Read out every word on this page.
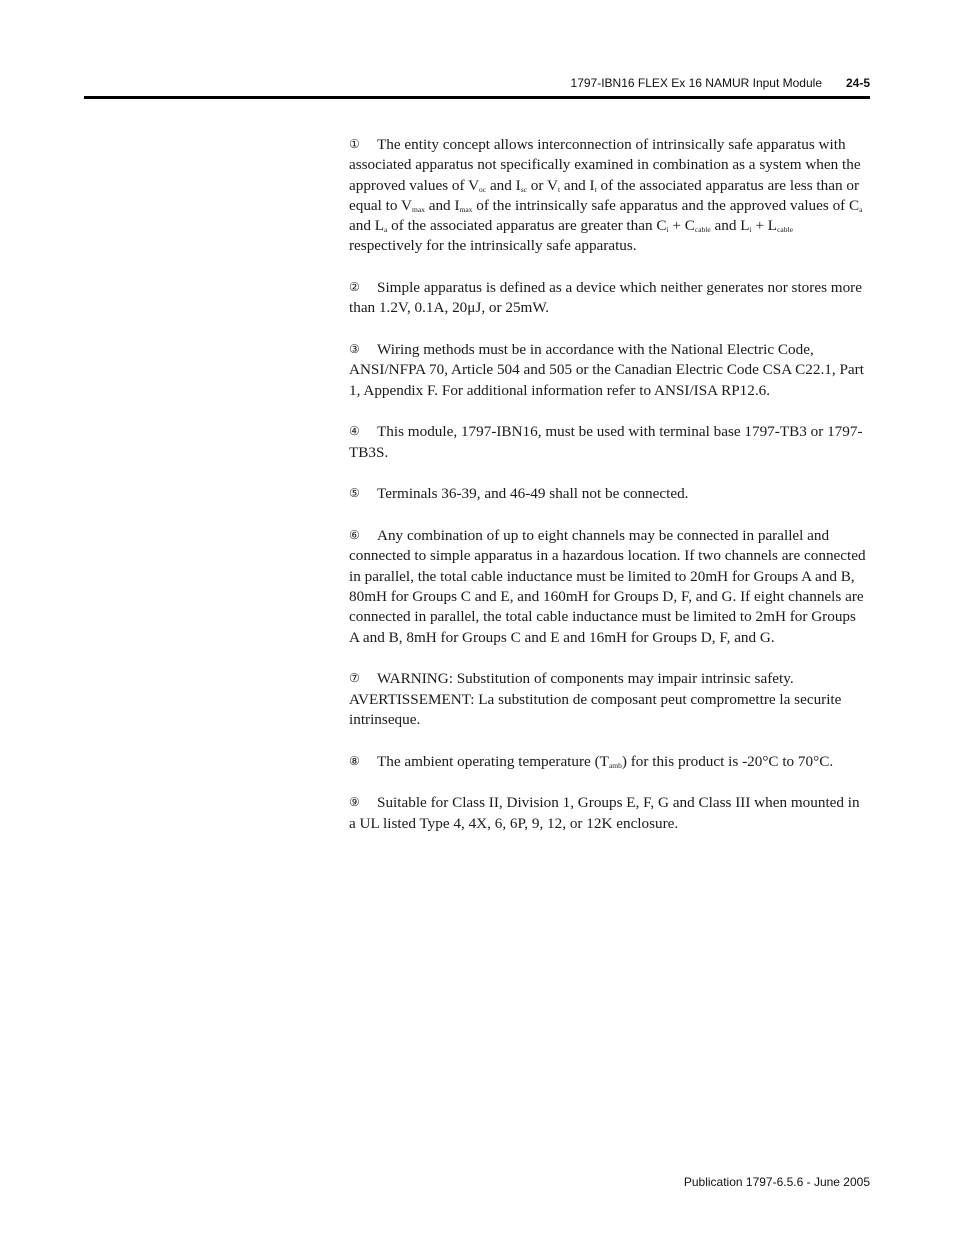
1797-IBN16 FLEX Ex 16 NAMUR Input Module 24-5

① The entity concept allows interconnection of intrinsically safe apparatus with associated apparatus not specifically examined in combination as a system when the approved values of $V_{oc}$ and $I_{sc}$ or $V_t$ and $I_t$ of the associated apparatus are less than or equal to $V_{max}$ and $I_{max}$ of the intrinsically safe apparatus and the approved values of $C_a$ and $L_a$ of the associated apparatus are greater than $C_i + C_{cable}$ and $L_i + L_{cable}$ respectively for the intrinsically safe apparatus.

② Simple apparatus is defined as a device which neither generates nor stores more than 1.2V, 0.1A, 20μJ, or 25mW.

③ Wiring methods must be in accordance with the National Electric Code, ANSI/NFPA 70, Article 504 and 505 or the Canadian Electric Code CSA C22.1, Part 1, Appendix F. For additional information refer to ANSI/ISA RP12.6.

④ This module, 1797-IBN16, must be used with terminal base 1797-TB3 or 1797-TB3S.

⑤ Terminals 36-39, and 46-49 shall not be connected.

⑥ Any combination of up to eight channels may be connected in parallel and connected to simple apparatus in a hazardous location. If two channels are connected in parallel, the total cable inductance must be limited to 20mH for Groups A and B, 80mH for Groups C and E, and 160mH for Groups D, F, and G. If eight channels are connected in parallel, the total cable inductance must be limited to 2mH for Groups A and B, 8mH for Groups C and E and 16mH for Groups D, F, and G.

⑦ WARNING: Substitution of components may impair intrinsic safety. AVERTISSEMENT: La substitution de composant peut compromettre la securite intrinseque.

⑧ The ambient operating temperature $(T_{amb})$ for this product is -20°C to 70°C.

⑨ Suitable for Class II, Division 1, Groups E, F, G and Class III when mounted in a UL listed Type 4, 4X, 6, 6P, 9, 12, or 12K enclosure.

Publication 1797-6.5.6 - June 2005
